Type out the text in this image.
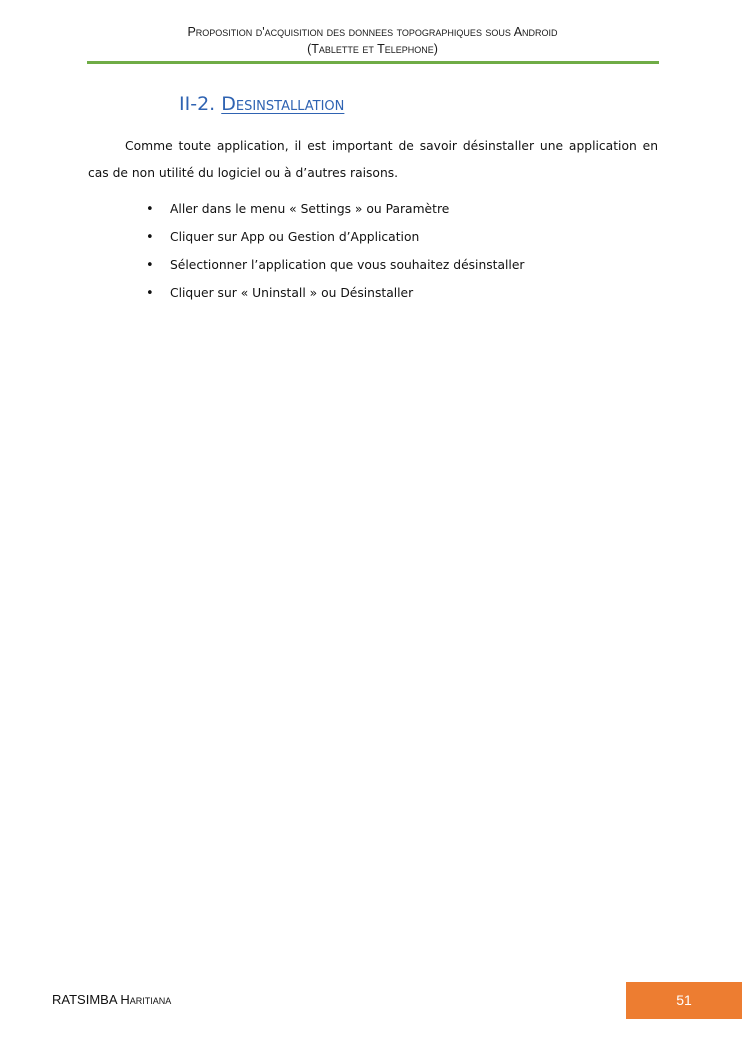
Proposition d'acquisition des donnees topographiques sous Android
(Tablette et Telephone)
II-2. Desinstallation

Comme toute application, il est important de savoir désinstaller une application en cas de non utilité du logiciel ou à d’autres raisons.

•	Aller dans le menu « Settings » ou Paramètre
•	Cliquer sur App ou Gestion d’Application
•	Sélectionner l’application que vous souhaitez désinstaller
•	Cliquer sur « Uninstall » ou Désinstaller
RATSIMBA Haritiana	51
